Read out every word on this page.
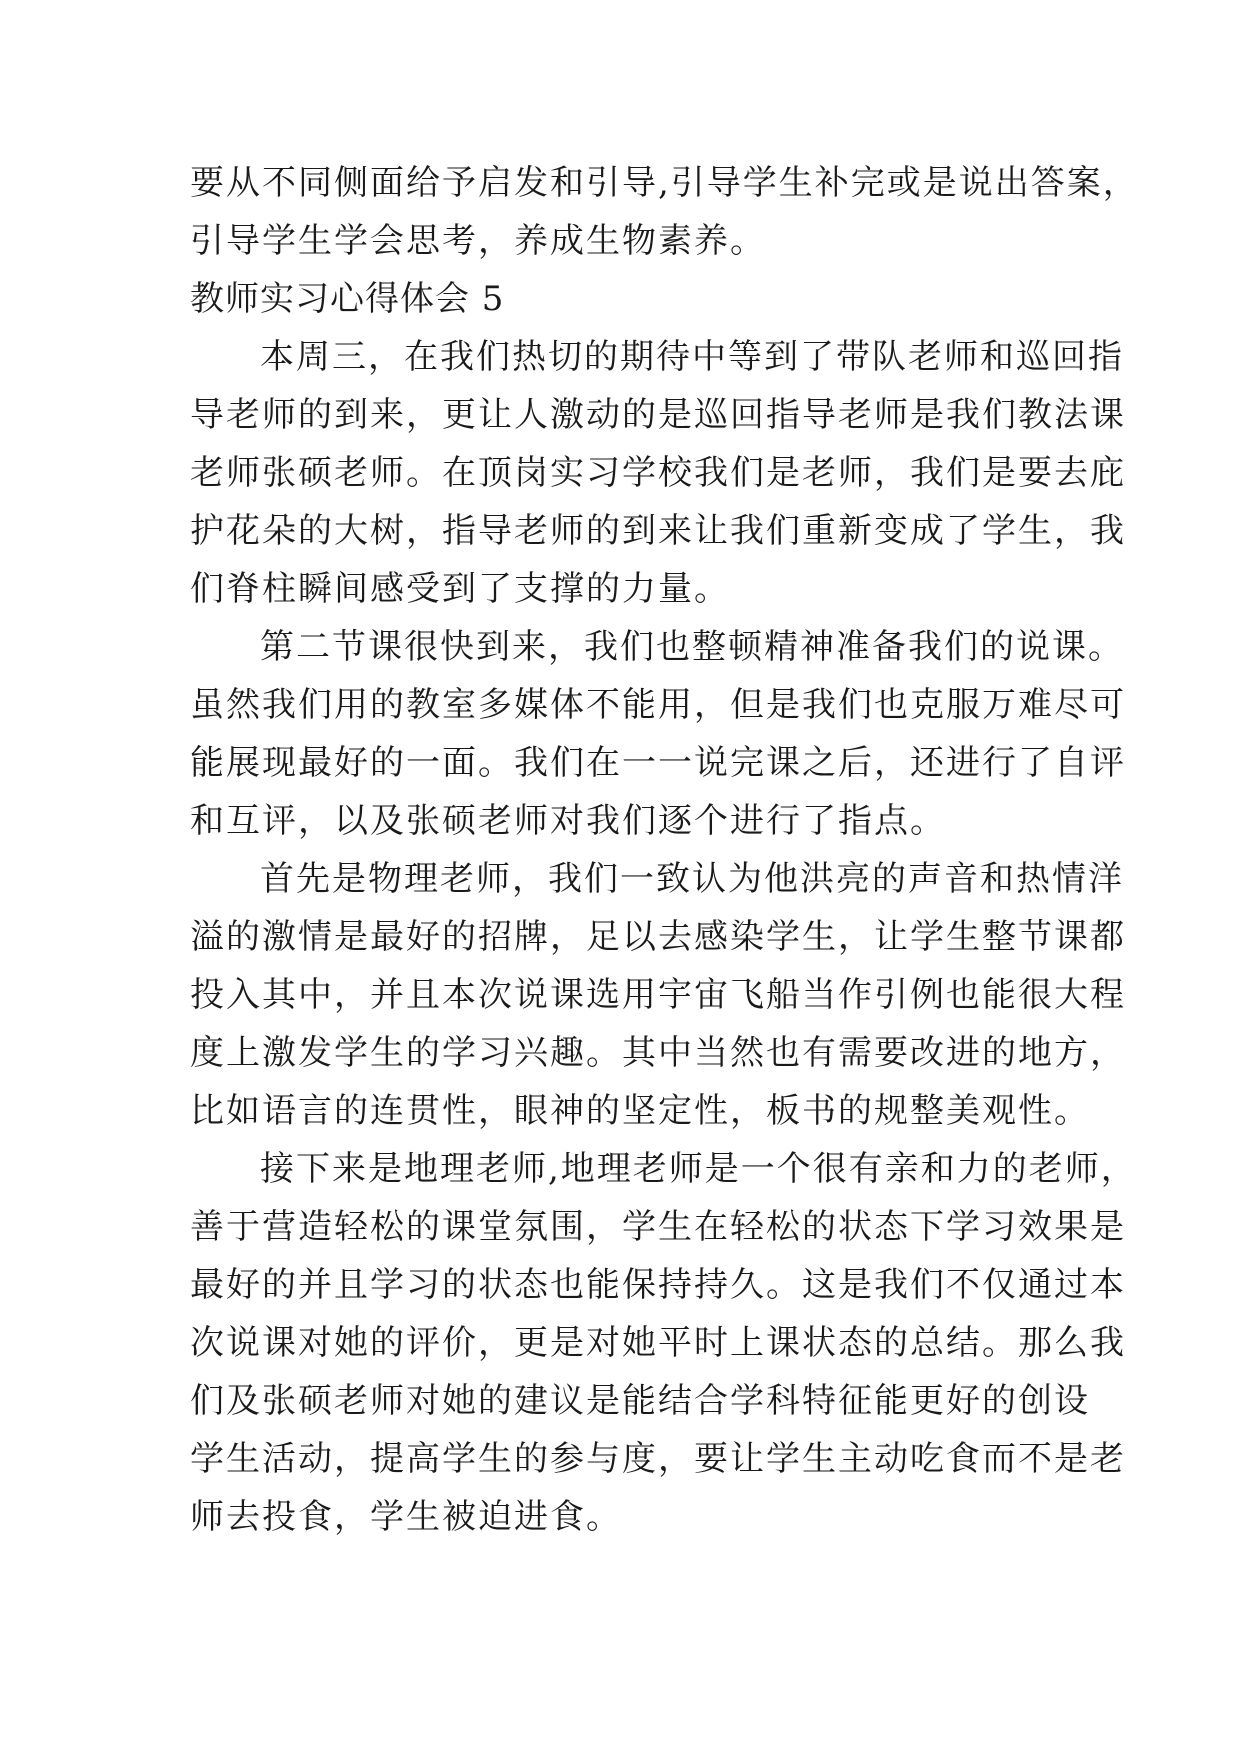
要从不同侧面给予启发和引导,引导学生补完或是说出答案，
引导学生学会思考，养成生物素养。
教师实习心得体会 5
本周三，在我们热切的期待中等到了带队老师和巡回指
导老师的到来，更让人激动的是巡回指导老师是我们教法课
老师张硕老师。在顶岗实习学校我们是老师，我们是要去庇
护花朵的大树，指导老师的到来让我们重新变成了学生，我
们脊柱瞬间感受到了支撑的力量。
第二节课很快到来，我们也整顿精神准备我们的说课。
虽然我们用的教室多媒体不能用，但是我们也克服万难尽可
能展现最好的一面。我们在一一说完课之后，还进行了自评
和互评，以及张硕老师对我们逐个进行了指点。
首先是物理老师，我们一致认为他洪亮的声音和热情洋
溢的激情是最好的招牌，足以去感染学生，让学生整节课都
投入其中，并且本次说课选用宇宙飞船当作引例也能很大程
度上激发学生的学习兴趣。其中当然也有需要改进的地方，
比如语言的连贯性，眼神的坚定性，板书的规整美观性。
接下来是地理老师,地理老师是一个很有亲和力的老师，
善于营造轻松的课堂氛围，学生在轻松的状态下学习效果是
最好的并且学习的状态也能保持持久。这是我们不仅通过本
次说课对她的评价，更是对她平时上课状态的总结。那么我
们及张硕老师对她的建议是能结合学科特征能更好的创设
学生活动，提高学生的参与度，要让学生主动吃食而不是老
师去投食，学生被迫进食。
